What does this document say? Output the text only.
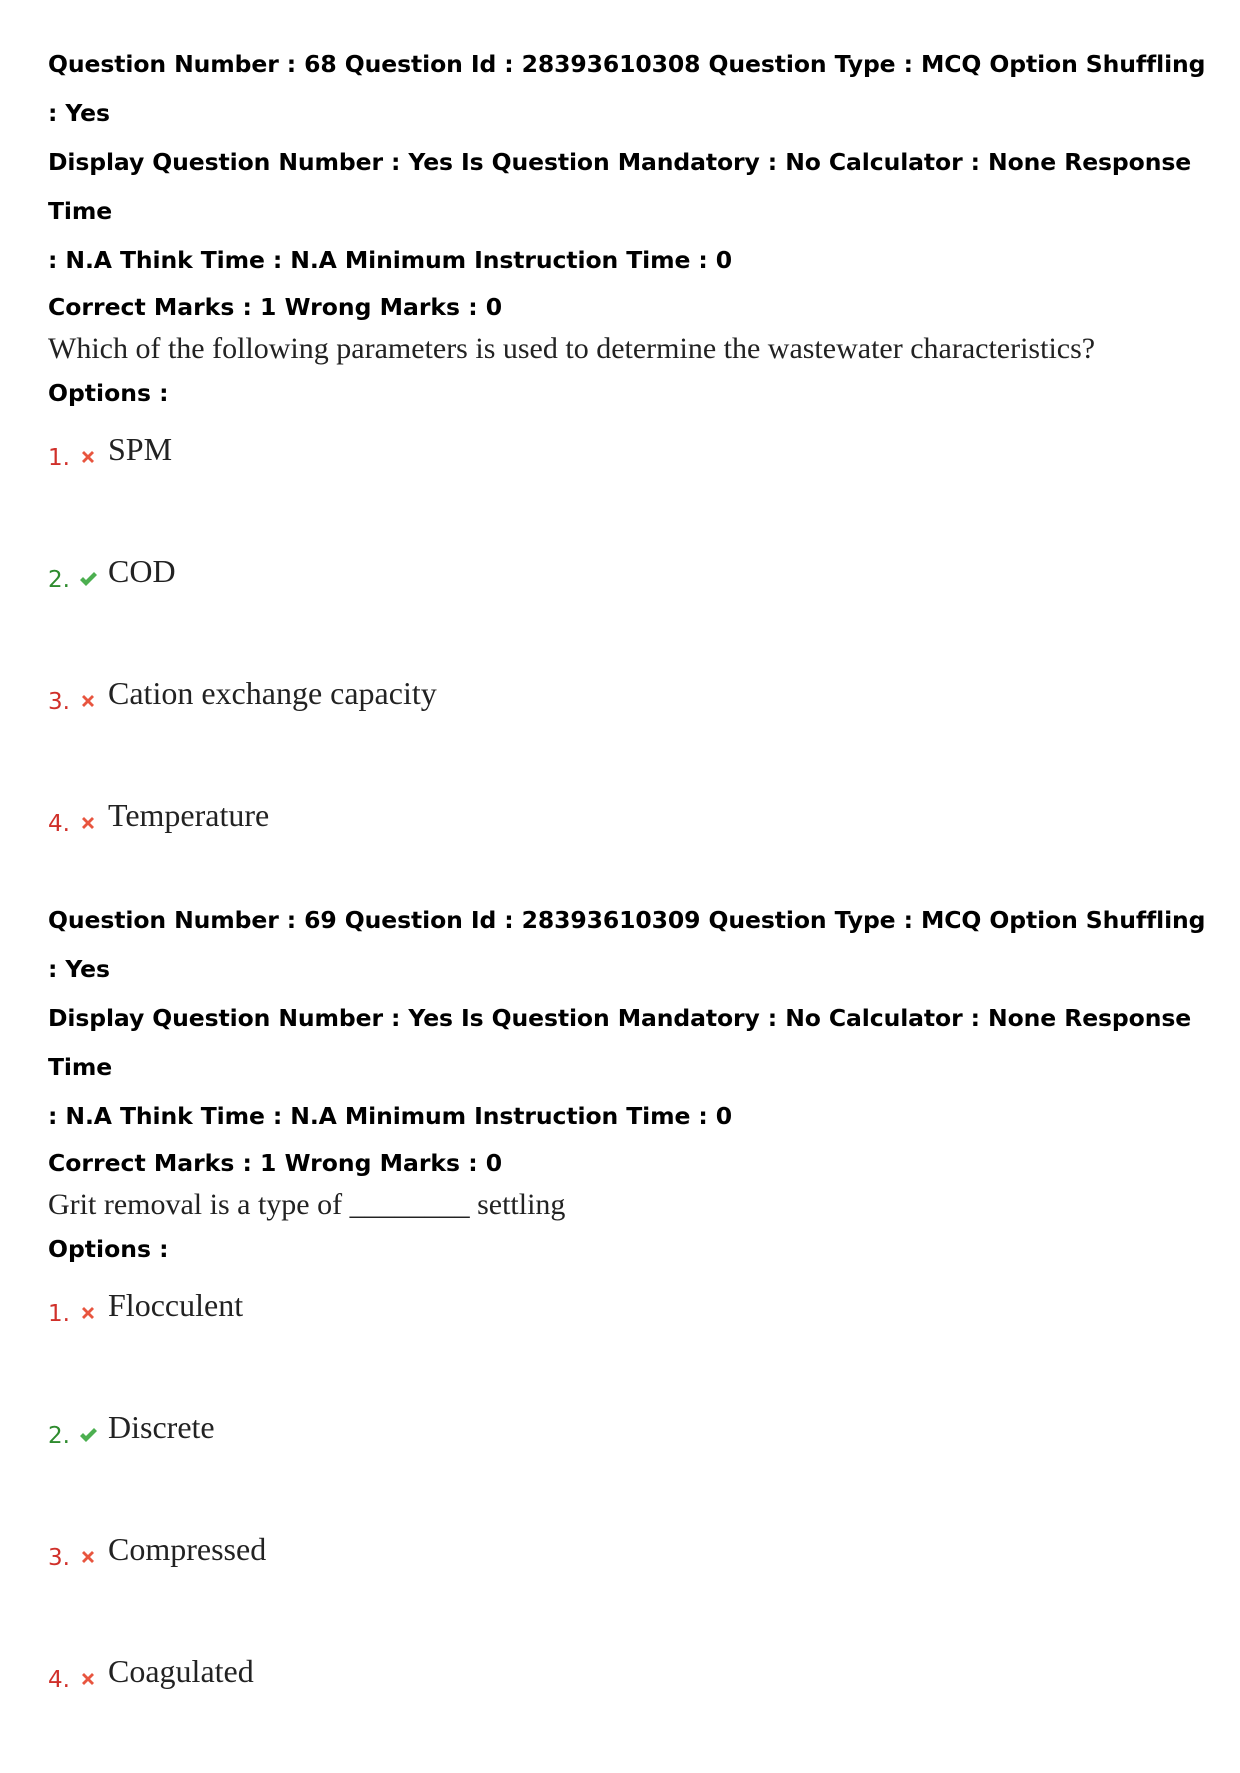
Question Number : 68 Question Id : 28393610308 Question Type : MCQ Option Shuffling : Yes

Display Question Number : Yes Is Question Mandatory : No Calculator : None Response Time

: N.A Think Time : N.A Minimum Instruction Time : 0

Correct Marks : 1 Wrong Marks : 0
Which of the following parameters is used to determine the wastewater characteristics?
Options :
1. SPM
2. COD
3. Cation exchange capacity
4. Temperature

Question Number : 69 Question Id : 28393610309 Question Type : MCQ Option Shuffling : Yes

Display Question Number : Yes Is Question Mandatory : No Calculator : None Response Time

: N.A Think Time : N.A Minimum Instruction Time : 0

Correct Marks : 1 Wrong Marks : 0
Grit removal is a type of ________ settling
Options :
1. Flocculent
2. Discrete
3. Compressed
4. Coagulated
